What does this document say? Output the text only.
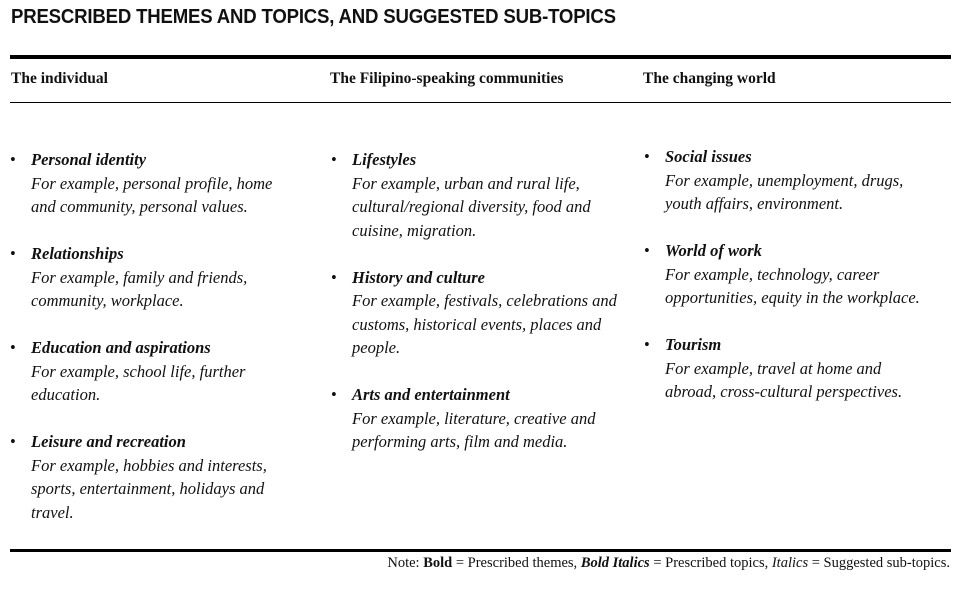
PRESCRIBED THEMES AND TOPICS, AND SUGGESTED SUB-TOPICS
The individual	The Filipino-speaking communities	The changing world
• Personal identity
For example, personal profile, home and community, personal values.
• Relationships
For example, family and friends, community, workplace.
• Education and aspirations
For example, school life, further education.
• Leisure and recreation
For example, hobbies and interests, sports, entertainment, holidays and travel.
• Lifestyles
For example, urban and rural life, cultural/regional diversity, food and cuisine, migration.
• History and culture
For example, festivals, celebrations and customs, historical events, places and people.
• Arts and entertainment
For example, literature, creative and performing arts, film and media.
• Social issues
For example, unemployment, drugs, youth affairs, environment.
• World of work
For example, technology, career opportunities, equity in the workplace.
• Tourism
For example, travel at home and abroad, cross-cultural perspectives.
Note: Bold = Prescribed themes, Bold Italics = Prescribed topics, Italics = Suggested sub-topics.
